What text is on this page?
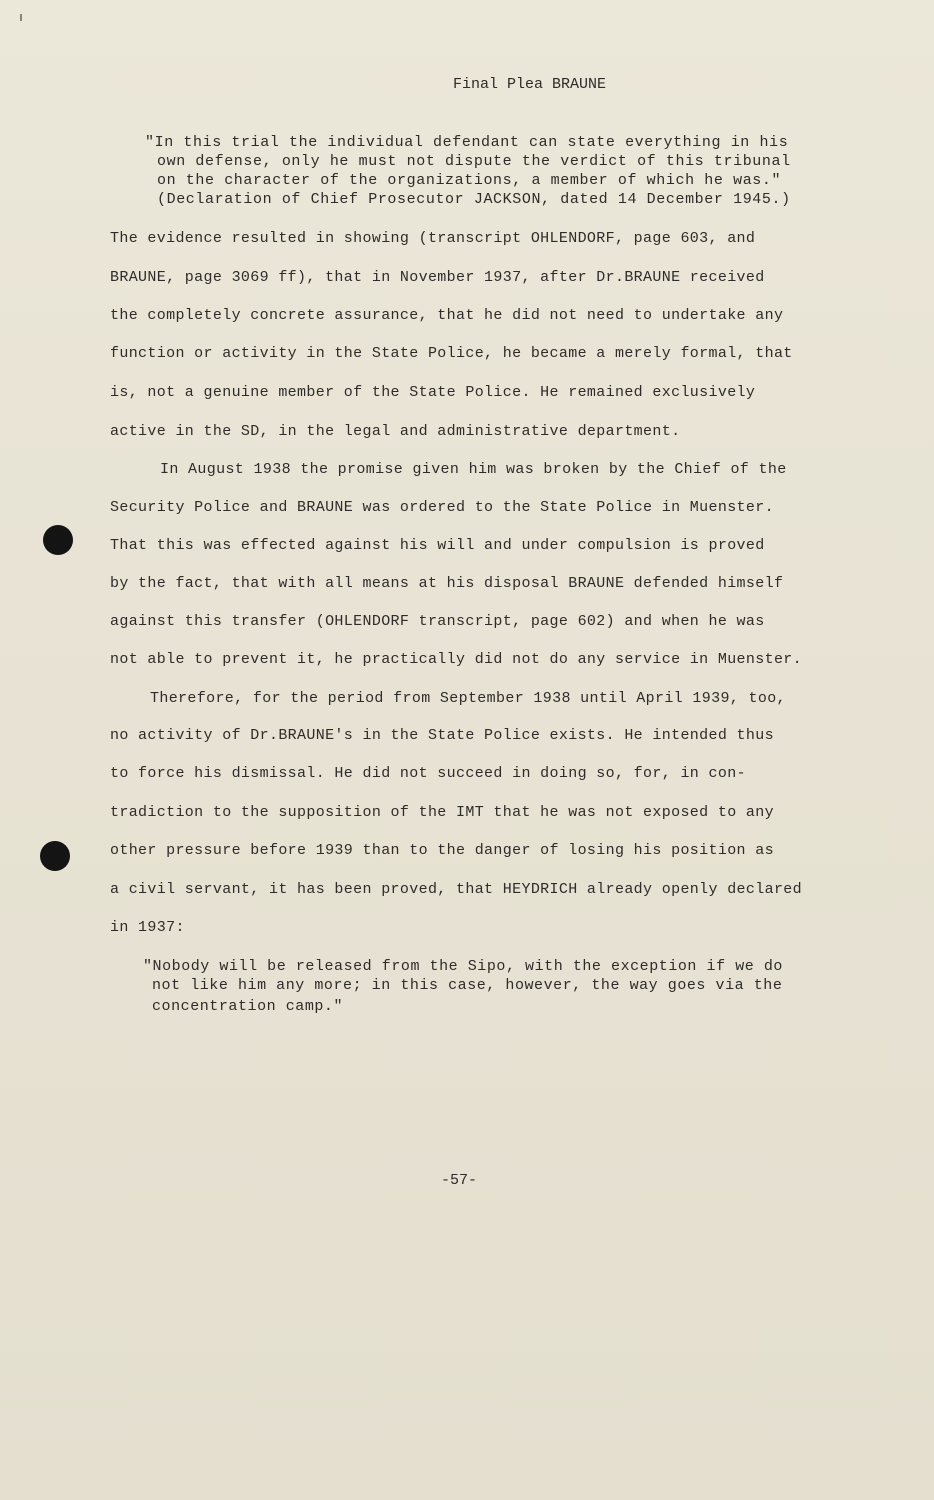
Final Plea BRAUNE
"In this trial the individual defendant can state everything in his
own defense, only he must not dispute the verdict of this tribunal
on the character of the organizations, a member of which he was."
(Declaration of Chief Prosecutor JACKSON, dated 14 December 1945.)
The evidence resulted in showing (transcript OHLENDORF, page 603, and
BRAUNE, page 3069 ff), that in November 1937, after Dr.BRAUNE received
the completely concrete assurance, that he did not need to undertake any
function or activity in the State Police, he became a merely formal, that
is, not a genuine member of the State Police. He remained exclusively
active in the SD, in the legal and administrative department.
In August 1938 the promise given him was broken by the Chief of the
Security Police and BRAUNE was ordered to the State Police in Muenster.
That this was effected against his will and under compulsion is proved
by the fact, that with all means at his disposal BRAUNE defended himself
against this transfer (OHLENDORF transcript, page 602) and when he was
not able to prevent it, he practically did not do any service in Muenster.
Therefore, for the period from September 1938 until April 1939, too,
no activity of Dr.BRAUNE's in the State Police exists. He intended thus
to force his dismissal. He did not succeed in doing so, for, in con-
tradiction to the supposition of the IMT that he was not exposed to any
other pressure before 1939 than to the danger of losing his position as
a civil servant, it has been proved, that HEYDRICH already openly declared
in 1937:
"Nobody will be released from the Sipo, with the exception if we do
not like him any more; in this case, however, the way goes via the
concentration camp."
-57-
